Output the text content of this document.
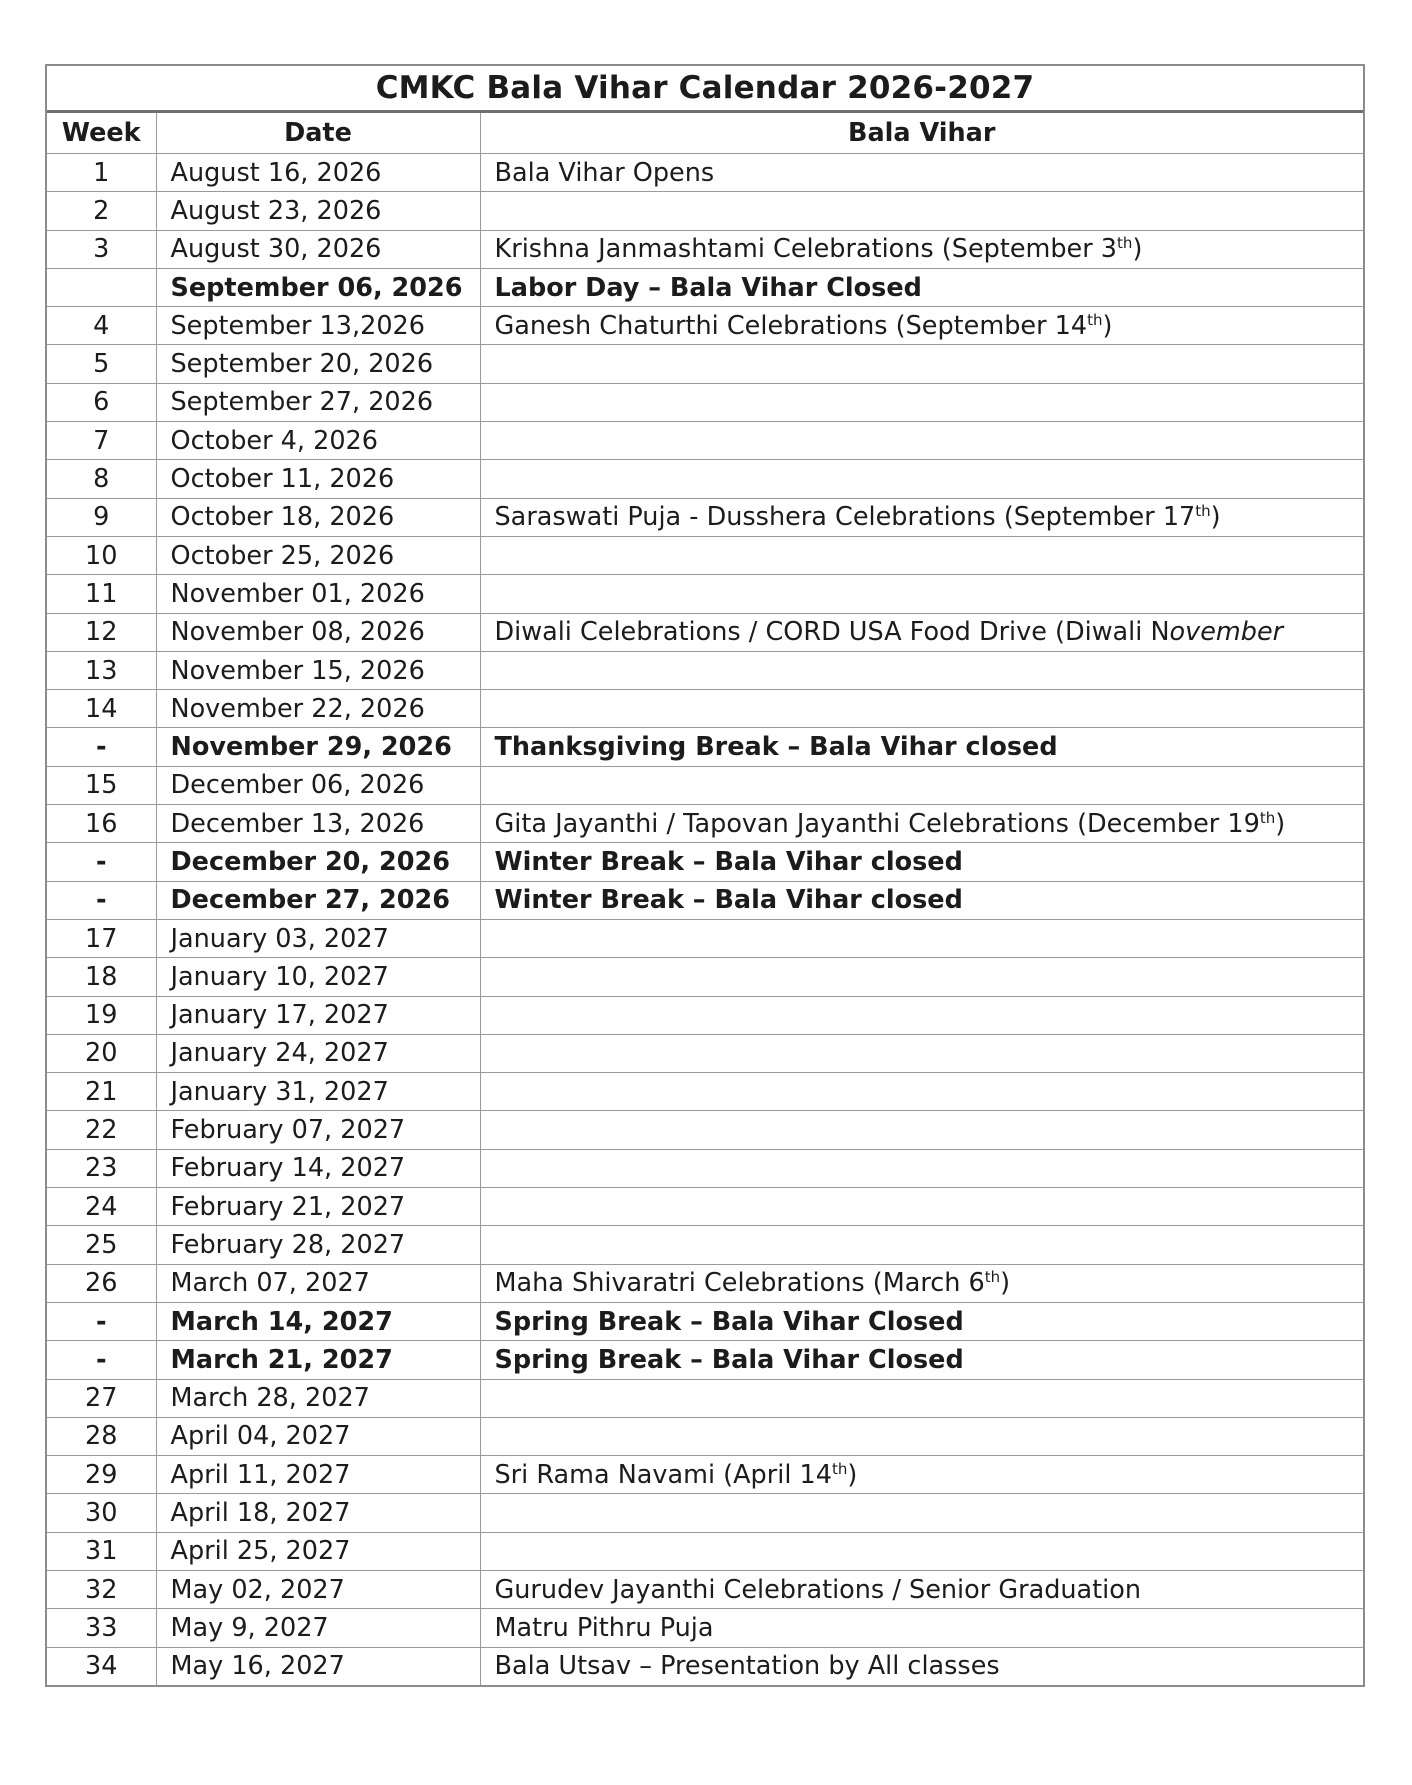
CMKC Bala Vihar Calendar 2026-2027
Week	Date	Bala Vihar
1	August 16, 2026	Bala Vihar Opens
2	August 23, 2026	
3	August 30, 2026	Krishna Janmashtami Celebrations (September 3th)
	September 06, 2026	Labor Day – Bala Vihar Closed
4	September 13,2026	Ganesh Chaturthi Celebrations (September 14th)
5	September 20, 2026	
6	September 27, 2026	
7	October 4, 2026	
8	October 11, 2026	
9	October 18, 2026	Saraswati Puja - Dusshera Celebrations (September 17th)
10	October 25, 2026	
11	November 01, 2026	
12	November 08, 2026	Diwali Celebrations / CORD USA Food Drive (Diwali November
13	November 15, 2026	
14	November 22, 2026	
-	November 29, 2026	Thanksgiving Break – Bala Vihar closed
15	December 06, 2026	
16	December 13, 2026	Gita Jayanthi / Tapovan Jayanthi Celebrations (December 19th)
-	December 20, 2026	Winter Break – Bala Vihar closed
-	December 27, 2026	Winter Break – Bala Vihar closed
17	January 03, 2027	
18	January 10, 2027	
19	January 17, 2027	
20	January 24, 2027	
21	January 31, 2027	
22	February 07, 2027	
23	February 14, 2027	
24	February 21, 2027	
25	February 28, 2027	
26	March 07, 2027	Maha Shivaratri Celebrations (March 6th)
-	March 14, 2027	Spring Break – Bala Vihar Closed
-	March 21, 2027	Spring Break – Bala Vihar Closed
27	March 28, 2027	
28	April 04, 2027	
29	April 11, 2027	Sri Rama Navami (April 14th)
30	April 18, 2027	
31	April 25, 2027	
32	May 02, 2027	Gurudev Jayanthi Celebrations / Senior Graduation
33	May 9, 2027	Matru Pithru Puja
34	May 16, 2027	Bala Utsav – Presentation by All classes
